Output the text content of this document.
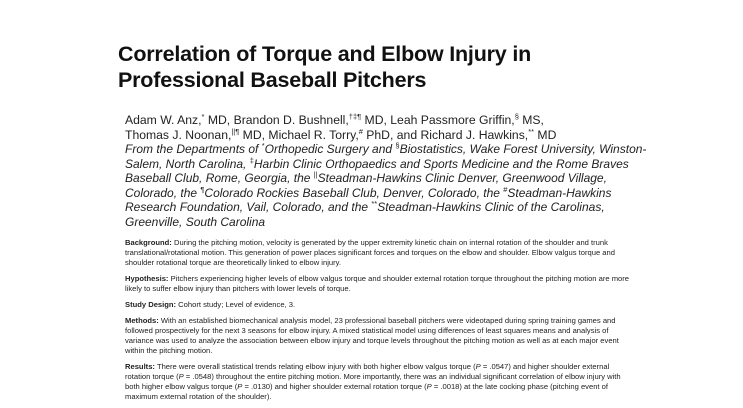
Correlation of Torque and Elbow Injury in Professional Baseball Pitchers
Adam W. Anz,* MD, Brandon D. Bushnell,†‡¶ MD, Leah Passmore Griffin,§ MS,
Thomas J. Noonan,||¶ MD, Michael R. Torry,# PhD, and Richard J. Hawkins,** MD
From the Departments of *Orthopedic Surgery and §Biostatistics, Wake Forest University, Winston-Salem, North Carolina, ‡Harbin Clinic Orthopaedics and Sports Medicine and the Rome Braves Baseball Club, Rome, Georgia, the ||Steadman-Hawkins Clinic Denver, Greenwood Village, Colorado, the ¶Colorado Rockies Baseball Club, Denver, Colorado, the #Steadman-Hawkins Research Foundation, Vail, Colorado, and the **Steadman-Hawkins Clinic of the Carolinas, Greenville, South Carolina

Background: During the pitching motion, velocity is generated by the upper extremity kinetic chain on internal rotation of the shoulder and trunk translational/rotational motion. This generation of power places significant forces and torques on the elbow and shoulder. Elbow valgus torque and shoulder rotational torque are theoretically linked to elbow injury.

Hypothesis: Pitchers experiencing higher levels of elbow valgus torque and shoulder external rotation torque throughout the pitching motion are more likely to suffer elbow injury than pitchers with lower levels of torque.

Study Design: Cohort study; Level of evidence, 3.

Methods: With an established biomechanical analysis model, 23 professional baseball pitchers were videotaped during spring training games and followed prospectively for the next 3 seasons for elbow injury. A mixed statistical model using differences of least squares means and analysis of variance was used to analyze the association between elbow injury and torque levels throughout the pitching motion as well as at each major event within the pitching motion.

Results: There were overall statistical trends relating elbow injury with both higher elbow valgus torque (P = .0547) and higher shoulder external rotation torque (P = .0548) throughout the entire pitching motion. More importantly, there was an individual significant correlation of elbow injury with both higher elbow valgus torque (P = .0130) and higher shoulder external rotation torque (P = .0018) at the late cocking phase (pitching event of maximum external rotation of the shoulder).
